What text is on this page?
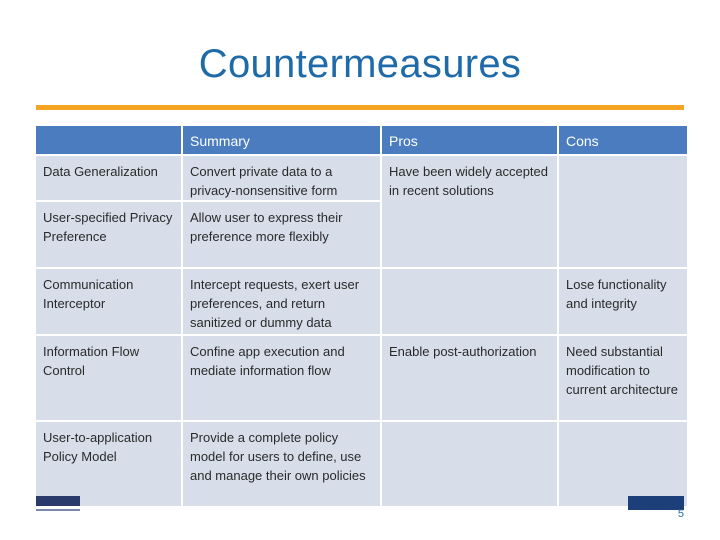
Countermeasures
Summary	Pros	Cons
Data Generalization
User-specified Privacy Preference
Communication Interceptor
Information Flow Control
User-to-application Policy Model
Convert private data to a privacy-nonsensitive form
Allow user to express their preference more flexibly
Intercept requests, exert user preferences, and return sanitized or dummy data
Confine app execution and mediate information flow
Provide a complete policy model for users to define, use and manage their own policies
Have been widely accepted in recent solutions
Enable post-authorization
Lose functionality and integrity
Need substantial modification to current architecture
5
